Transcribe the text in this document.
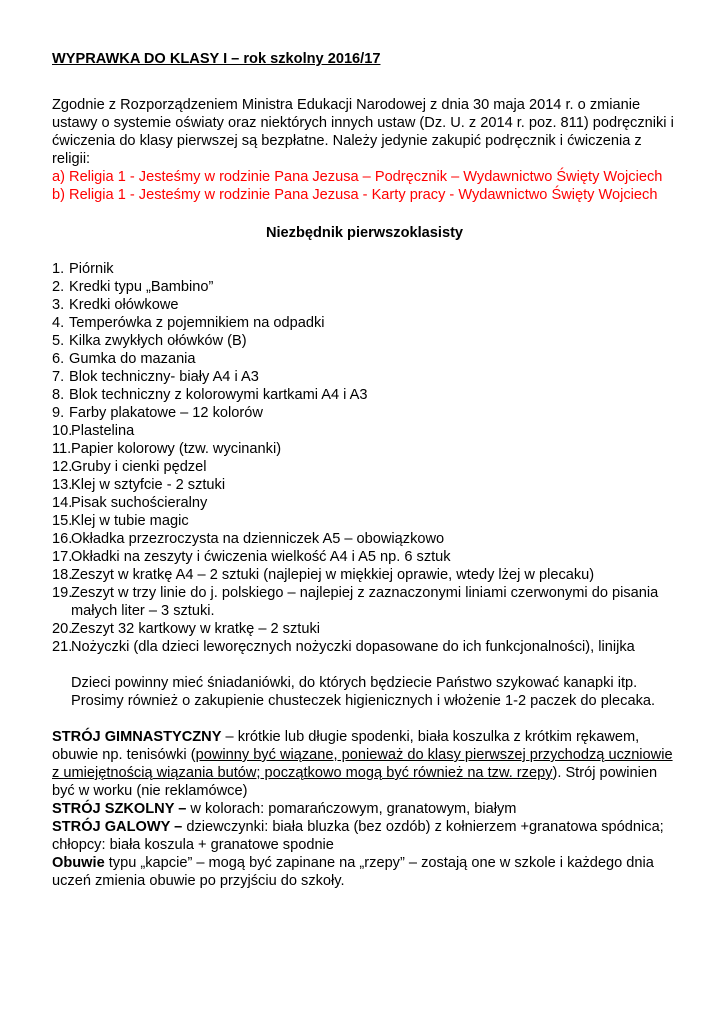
WYPRAWKA DO KLASY I – rok szkolny 2016/17

Zgodnie z Rozporządzeniem Ministra Edukacji Narodowej z dnia 30 maja 2014 r. o zmianie ustawy o systemie oświaty oraz niektórych innych ustaw (Dz. U. z 2014 r. poz. 811) podręczniki i ćwiczenia do klasy pierwszej są bezpłatne. Należy jedynie zakupić podręcznik i ćwiczenia z religii:

a) Religia 1 - Jesteśmy w rodzinie Pana Jezusa – Podręcznik – Wydawnictwo Święty Wojciech

b) Religia 1 - Jesteśmy w rodzinie Pana Jezusa - Karty pracy - Wydawnictwo Święty Wojciech

Niezbędnik pierwszoklasisty
1. Piórnik
2. Kredki typu „Bambino”
3. Kredki ołówkowe
4. Temperówka z pojemnikiem na odpadki
5. Kilka zwykłych ołówków (B)
6. Gumka do mazania
7. Blok techniczny- biały A4 i A3
8. Blok techniczny z kolorowymi kartkami A4 i A3
9. Farby plakatowe – 12 kolorów
10.
Plastelina
11. Papier kolorowy (tzw. wycinanki)
12.
Gruby i cienki pędzel
13.
Klej w sztyfcie - 2 sztuki
14.
Pisak suchościeralny
15.
Klej w tubie magic
16.
Okładka przezroczysta na dzienniczek A5 – obowiązkowo
17.
Okładki na zeszyty i ćwiczenia wielkość A4 i A5 np. 6 sztuk
18.
Zeszyt w kratkę A4 – 2 sztuki (najlepiej w miękkiej oprawie, wtedy lżej w plecaku)
19.
Zeszyt w trzy linie do j. polskiego – najlepiej z zaznaczonymi liniami czerwonymi do pisania małych liter – 3 sztuki.
20.
Zeszyt 32 kartkowy w kratkę – 2 sztuki
21.
Nożyczki (dla dzieci leworęcznych nożyczki dopasowane do ich funkcjonalności), linijka
Dzieci powinny mieć śniadaniówki, do których będziecie Państwo szykować kanapki itp. Prosimy również o zakupienie chusteczek higienicznych i włożenie 1-2 paczek do plecaka.

STRÓJ GIMNASTYCZNY – krótkie lub długie spodenki, biała koszulka z krótkim rękawem, obuwie np. tenisówki (powinny być wiązane, ponieważ do klasy pierwszej przychodzą uczniowie z umiejętnością wiązania butów; początkowo mogą być również na tzw. rzepy). Strój powinien być w worku (nie reklamówce)

STRÓJ SZKOLNY – w kolorach: pomarańczowym, granatowym, białym

STRÓJ GALOWY – dziewczynki: biała bluzka (bez ozdób) z kołnierzem +granatowa spódnica; chłopcy: biała koszula + granatowe spodnie

Obuwie typu „kapcie” – mogą być zapinane na „rzepy” – zostają one w szkole i każdego dnia uczeń zmienia obuwie po przyjściu do szkoły.
